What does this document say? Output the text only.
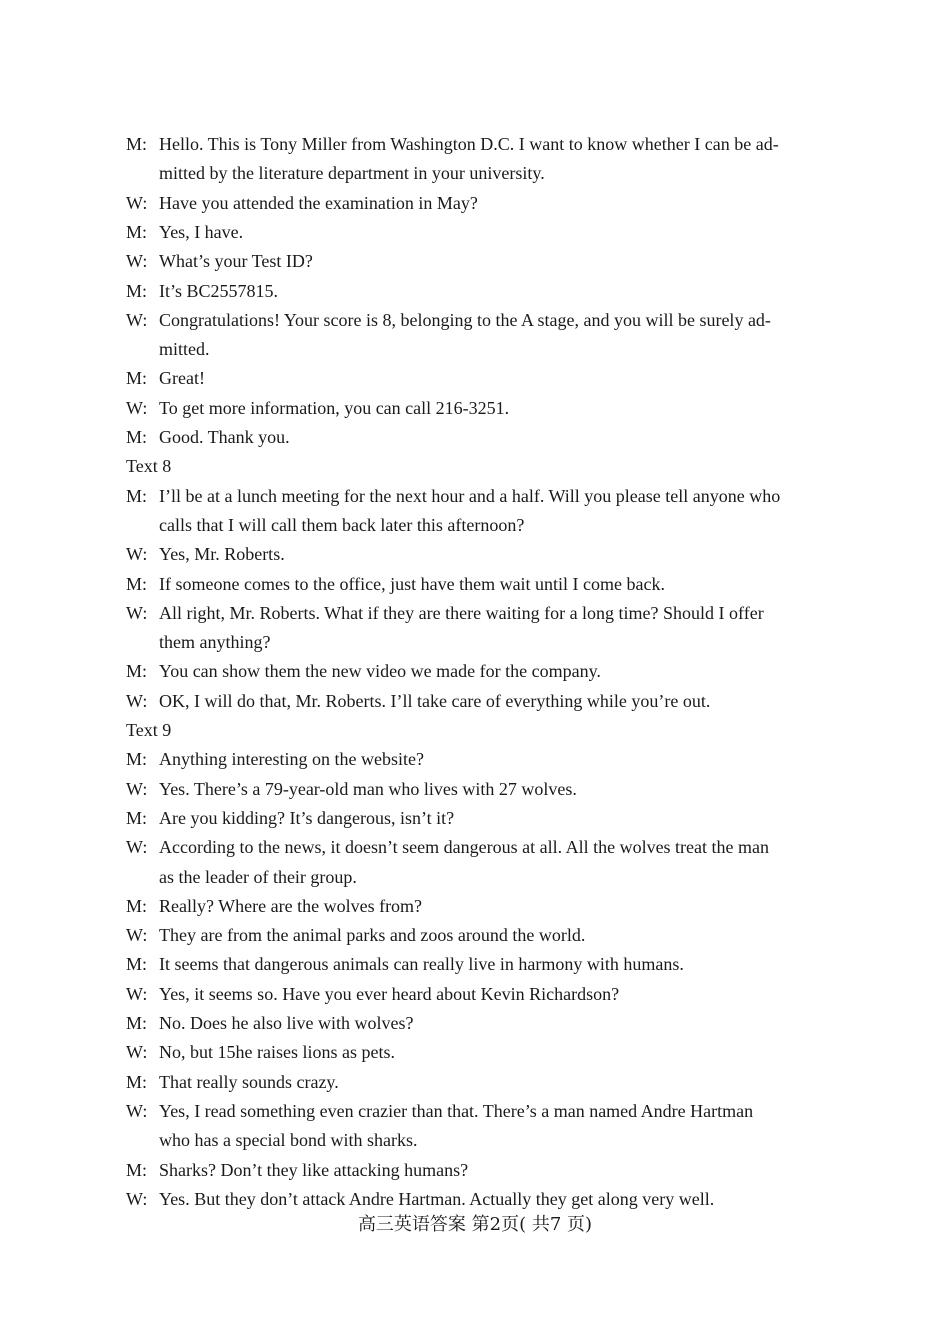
M: Hello. This is Tony Miller from Washington D.C. I want to know whether I can be ad-
mitted by the literature department in your university.
W: Have you attended the examination in May?
M: Yes, I have.
W: What’s your Test ID?
M: It’s BC2557815.
W: Congratulations! Your score is 8, belonging to the A stage, and you will be surely ad-
mitted.
M: Great!
W: To get more information, you can call 216-3251.
M: Good. Thank you.
Text 8
M: I’ll be at a lunch meeting for the next hour and a half. Will you please tell anyone who
calls that I will call them back later this afternoon?
W: Yes, Mr. Roberts.
M: If someone comes to the office, just have them wait until I come back.
W: All right, Mr. Roberts. What if they are there waiting for a long time? Should I offer
them anything?
M: You can show them the new video we made for the company.
W: OK, I will do that, Mr. Roberts. I’ll take care of everything while you’re out.
Text 9
M: Anything interesting on the website?
W: Yes. There’s a 79-year-old man who lives with 27 wolves.
M: Are you kidding? It’s dangerous, isn’t it?
W: According to the news, it doesn’t seem dangerous at all. All the wolves treat the man
as the leader of their group.
M: Really? Where are the wolves from?
W: They are from the animal parks and zoos around the world.
M: It seems that dangerous animals can really live in harmony with humans.
W: Yes, it seems so. Have you ever heard about Kevin Richardson?
M: No. Does he also live with wolves?
W: No, but 15he raises lions as pets.
M: That really sounds crazy.
W: Yes, I read something even crazier than that. There’s a man named Andre Hartman
who has a special bond with sharks.
M: Sharks? Don’t they like attacking humans?
W: Yes. But they don’t attack Andre Hartman. Actually they get along very well.
高三英语答案 第2页( 共7 页)
